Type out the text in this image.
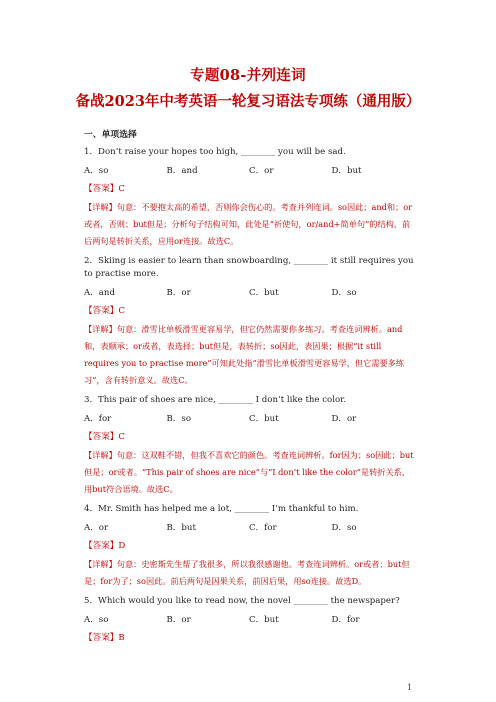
专题08-并列连词
备战2023年中考英语一轮复习语法专项练（通用版）
一、单项选择
1．Don’t raise your hopes too high, ________ you will be sad.
A．so	B．and	C．or	D．but
【答案】C
【详解】句意：不要抱太高的希望，否则你会伤心的。考查并列连词。so因此；and和；or或者，否则；but但是；分析句子结构可知，此处是“祈使句，or/and+简单句”的结构，前后两句是转折关系，应用or连接。故选C。
2．Skiing is easier to learn than snowboarding, ________ it still requires you to practise more.
A．and	B．or	C．but	D．so
【答案】C
【详解】句意：滑雪比单板滑雪更容易学，但它仍然需要你多练习。考查连词辨析。and和，表顺承；or或者，表选择；but但是，表转折；so因此，表因果；根据“it still requires you to practise more”可知此处指“滑雪比单板滑雪更容易学，但它需要多练习”，含有转折意义。故选C。
3．This pair of shoes are nice, ________ I don’t like the color.
A．for	B．so	C．but	D．or
【答案】C
【详解】句意：这双鞋不错，但我不喜欢它的颜色。考查连词辨析。for因为；so因此；but但是；or或者。“This pair of shoes are nice”与“I don’t like the color”是转折关系，用but符合语境。故选C。
4．Mr. Smith has helped me a lot, ________ I’m thankful to him.
A．or	B．but	C．for	D．so
【答案】D
【详解】句意：史密斯先生帮了我很多，所以我很感谢他。考查连词辨析。or或者；but但是；for为了；so因此。前后两句是因果关系，前因后果，用so连接。故选D。
5．Which would you like to read now, the novel ________ the newspaper?
A．so	B．or	C．but	D．for
【答案】B
1
